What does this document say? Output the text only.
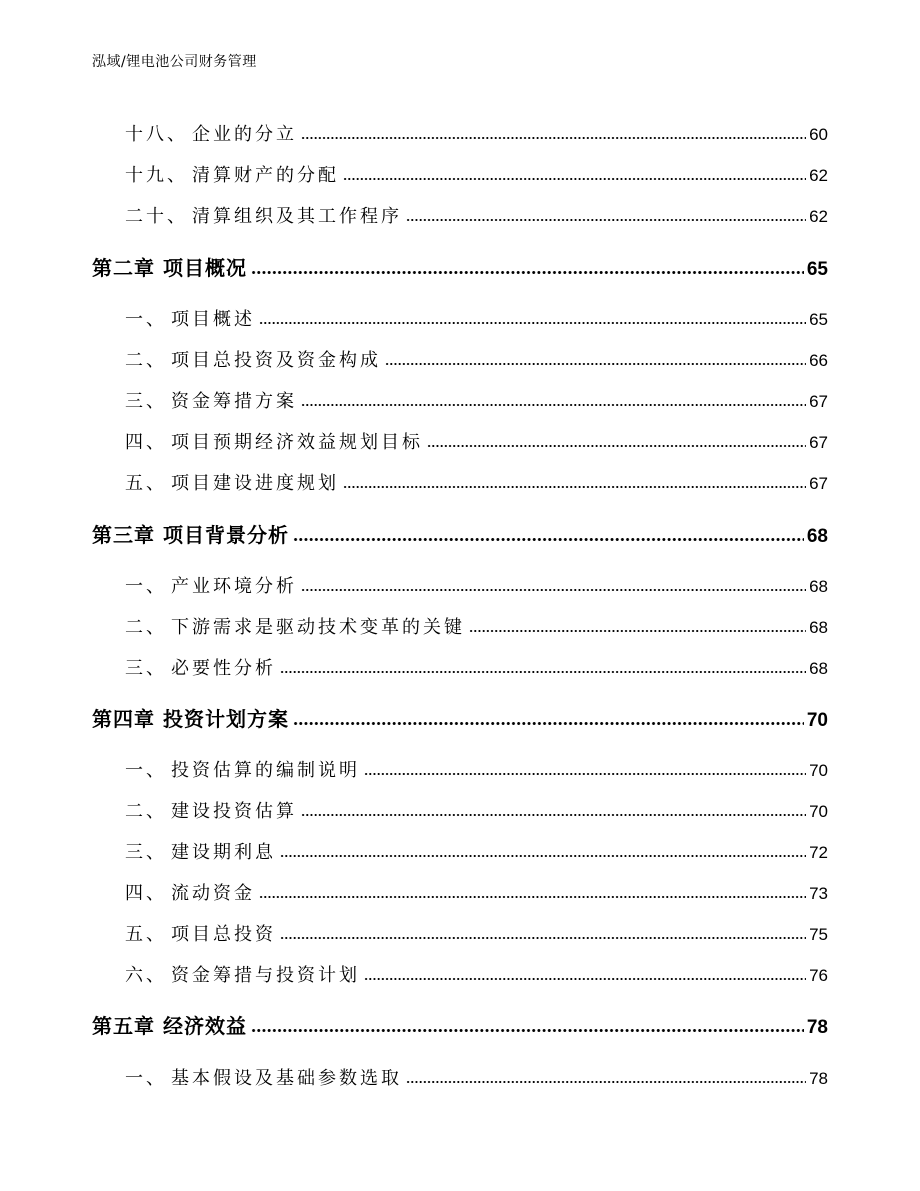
泓域/锂电池公司财务管理
十八、 企业的分立	60
十九、 清算财产的分配	62
二十、 清算组织及其工作程序	62
第二章 项目概况	65
一、 项目概述	65
二、 项目总投资及资金构成	66
三、 资金筹措方案	67
四、 项目预期经济效益规划目标	67
五、 项目建设进度规划	67
第三章 项目背景分析	68
一、 产业环境分析	68
二、 下游需求是驱动技术变革的关键	68
三、 必要性分析	68
第四章 投资计划方案	70
一、 投资估算的编制说明	70
二、 建设投资估算	70
三、 建设期利息	72
四、 流动资金	73
五、 项目总投资	75
六、 资金筹措与投资计划	76
第五章 经济效益	78
一、 基本假设及基础参数选取	78
